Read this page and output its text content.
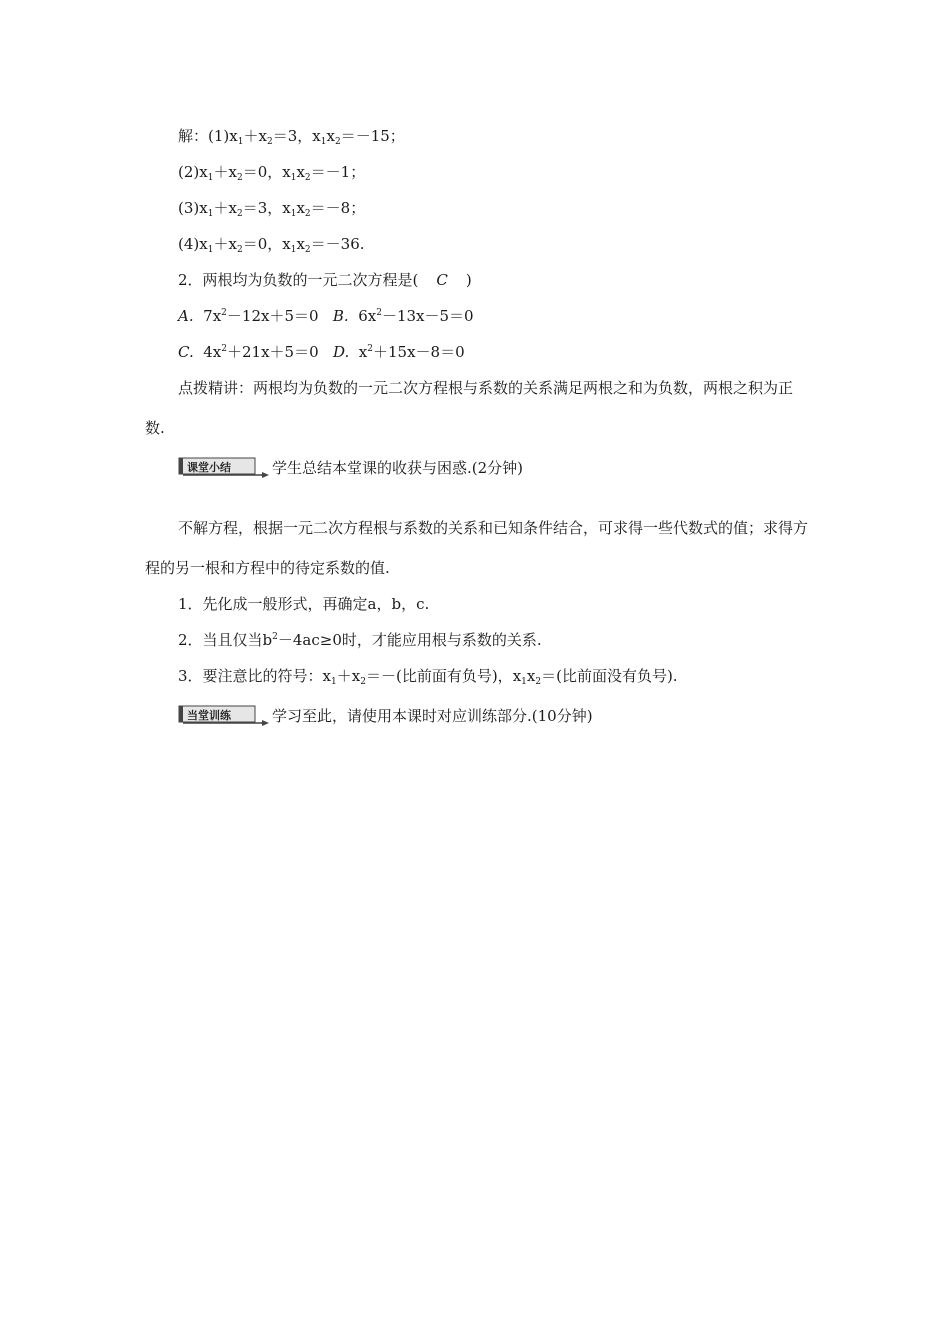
解：$(1)x_1+x_2=3$，$x_1x_2=-15$；
$(2)x_1+x_2=0$，$x_1x_2=-1$；
$(3)x_1+x_2=3$，$x_1x_2=-8$；
$(4)x_1+x_2=0$，$x_1x_2=-36$.
2．两根均为负数的一元二次方程是( C )
A. $7x^2-12x+5=0$ B. $6x^2-13x-5=0$
C. $4x^2+21x+5=0$ D. $x^2+15x-8=0$
点拨精讲：两根均为负数的一元二次方程根与系数的关系满足两根之和为负数，两根之积为正数.
课堂小结	学生总结本堂课的收获与困惑.(2分钟)
不解方程，根据一元二次方程根与系数的关系和已知条件结合，可求得一些代数式的值；求得方程的另一根和方程中的待定系数的值.
1．先化成一般形式，再确定a，b，c.
2．当且仅当$b^2-4ac\ge 0$时，才能应用根与系数的关系.
3．要注意比的符号：$x_1+x_2=-$(比前面有负号)，$x_1x_2=$(比前面没有负号).
当堂训练	学习至此，请使用本课时对应训练部分.(10分钟)
